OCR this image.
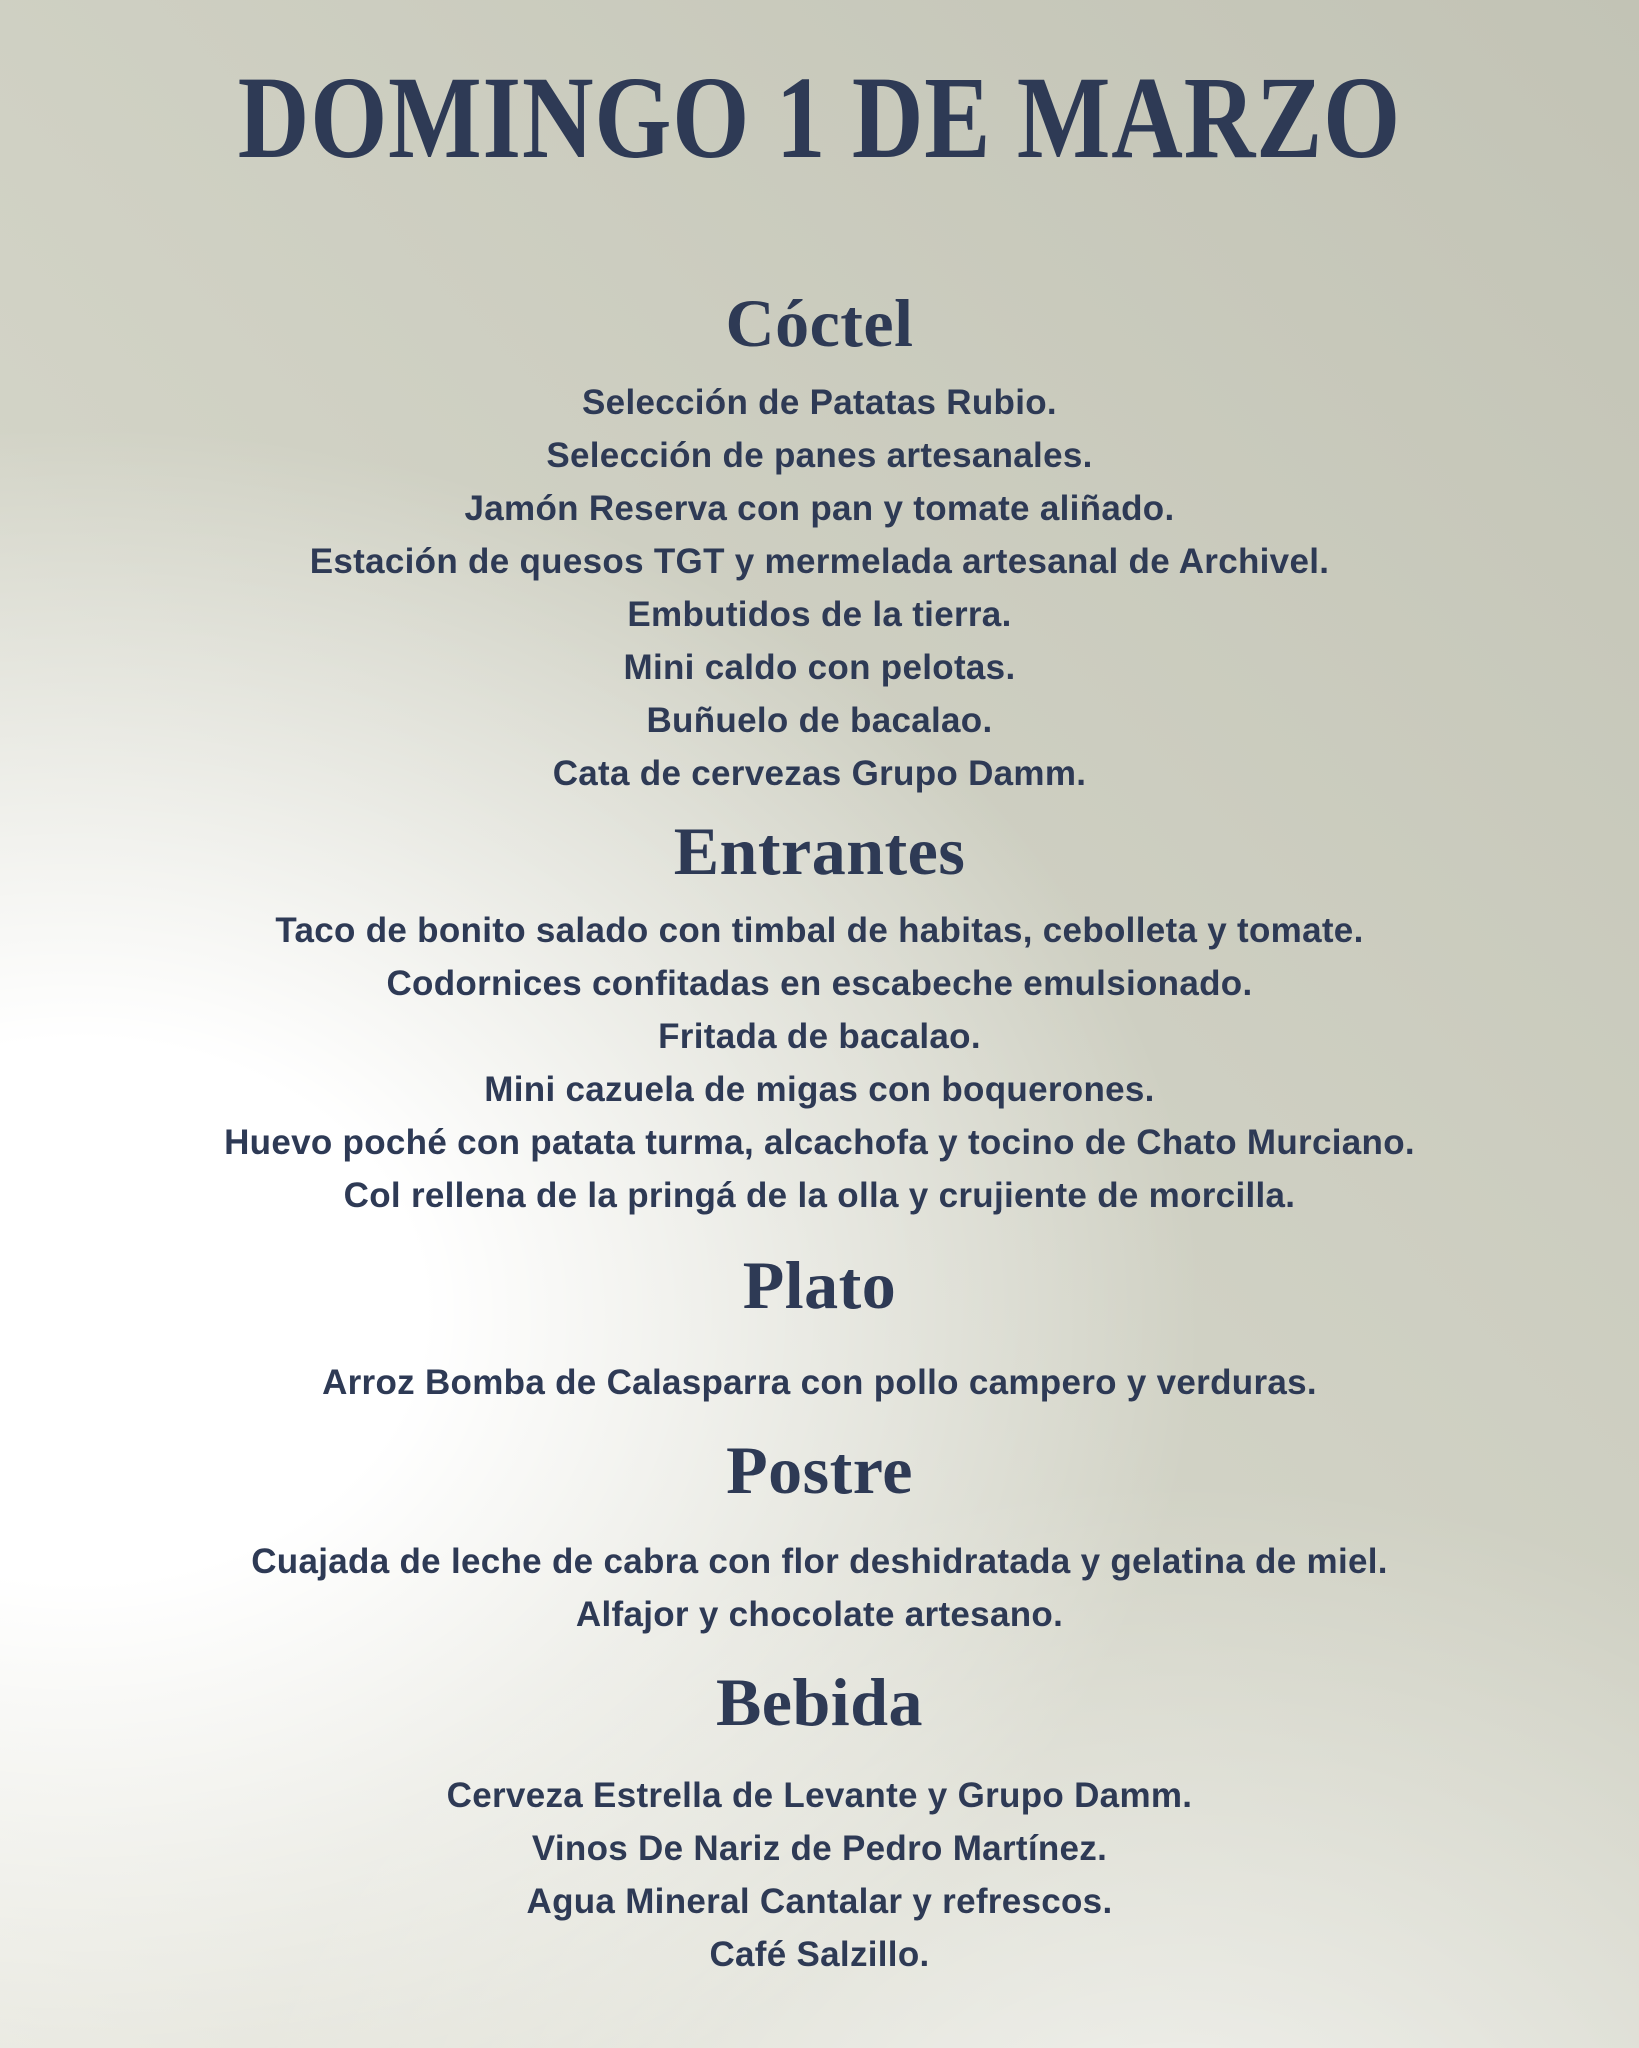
DOMINGO 1 DE MARZO
Cóctel

Selección de Patatas Rubio.

Selección de panes artesanales.

Jamón Reserva con pan y tomate aliñado.

Estación de quesos TGT y mermelada artesanal de Archivel.

Embutidos de la tierra.

Mini caldo con pelotas.

Buñuelo de bacalao.

Cata de cervezas Grupo Damm.

Entrantes

Taco de bonito salado con timbal de habitas, cebolleta y tomate.

Codornices confitadas en escabeche emulsionado.

Fritada de bacalao.

Mini cazuela de migas con boquerones.

Huevo poché con patata turma, alcachofa y tocino de Chato Murciano.

Col rellena de la pringá de la olla y crujiente de morcilla.

Plato

Arroz Bomba de Calasparra con pollo campero y verduras.

Postre

Cuajada de leche de cabra con flor deshidratada y gelatina de miel.

Alfajor y chocolate artesano.

Bebida

Cerveza Estrella de Levante y Grupo Damm.

Vinos De Nariz de Pedro Martínez.

Agua Mineral Cantalar y refrescos.

Café Salzillo.
